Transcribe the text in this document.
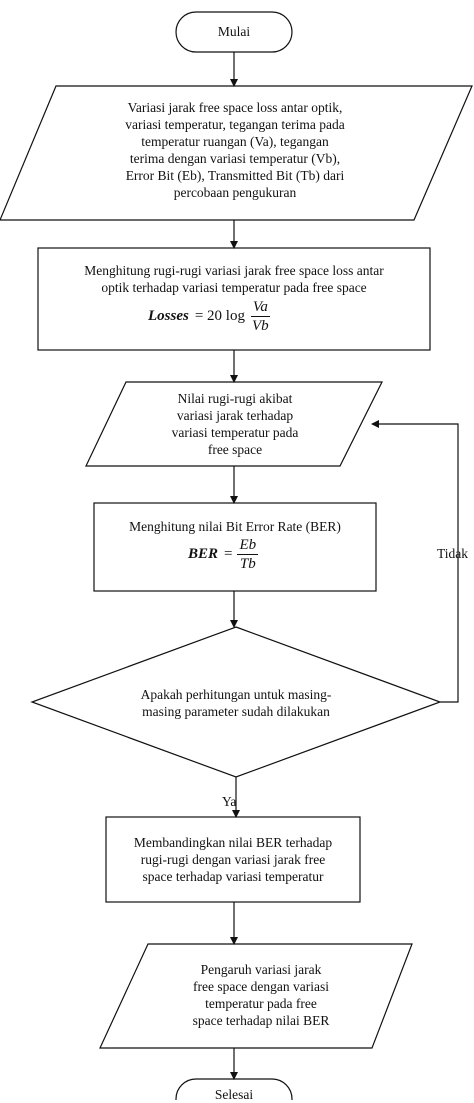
Mulai
Variasi jarak free space loss antar optik,
variasi temperatur, tegangan terima pada
temperatur ruangan (Va), tegangan
terima dengan variasi temperatur (Vb),
Error Bit (Eb), Transmitted Bit (Tb) dari
percobaan pengukuran
Menghitung rugi-rugi variasi jarak free space loss antar
optik terhadap variasi temperatur pada free space
Losses = 20 $\log \frac{Va}{Vb}$
Nilai rugi-rugi akibat
variasi jarak terhadap
variasi temperatur pada
free space
Menghitung nilai Bit Error Rate (BER)
BER = $\frac{Eb}{Tb}$
Apakah perhitungan untuk masing-
masing parameter sudah dilakukan
Tidak
Ya
Membandingkan nilai BER terhadap
rugi-rugi dengan variasi jarak free
space terhadap variasi temperatur
Pengaruh variasi jarak
free space dengan variasi
temperatur pada free
space terhadap nilai BER
Selesai
